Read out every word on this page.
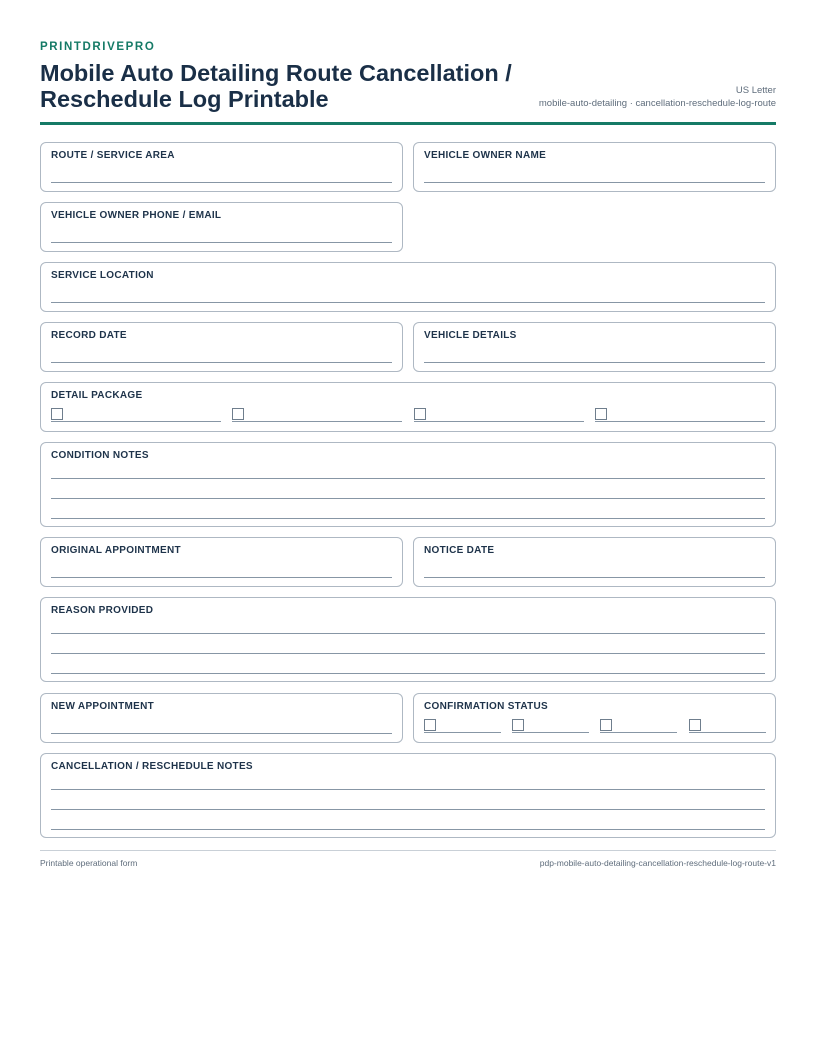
PRINTDRIVEPRO
Mobile Auto Detailing Route Cancellation / Reschedule Log Printable	US Letter
mobile-auto-detailing · cancellation-reschedule-log-route
ROUTE / SERVICE AREA	VEHICLE OWNER NAME
VEHICLE OWNER PHONE / EMAIL
SERVICE LOCATION
RECORD DATE	VEHICLE DETAILS
DETAIL PACKAGE
CONDITION NOTES
ORIGINAL APPOINTMENT	NOTICE DATE
REASON PROVIDED
NEW APPOINTMENT	CONFIRMATION STATUS
CANCELLATION / RESCHEDULE NOTES
Printable operational form	pdp-mobile-auto-detailing-cancellation-reschedule-log-route-v1
